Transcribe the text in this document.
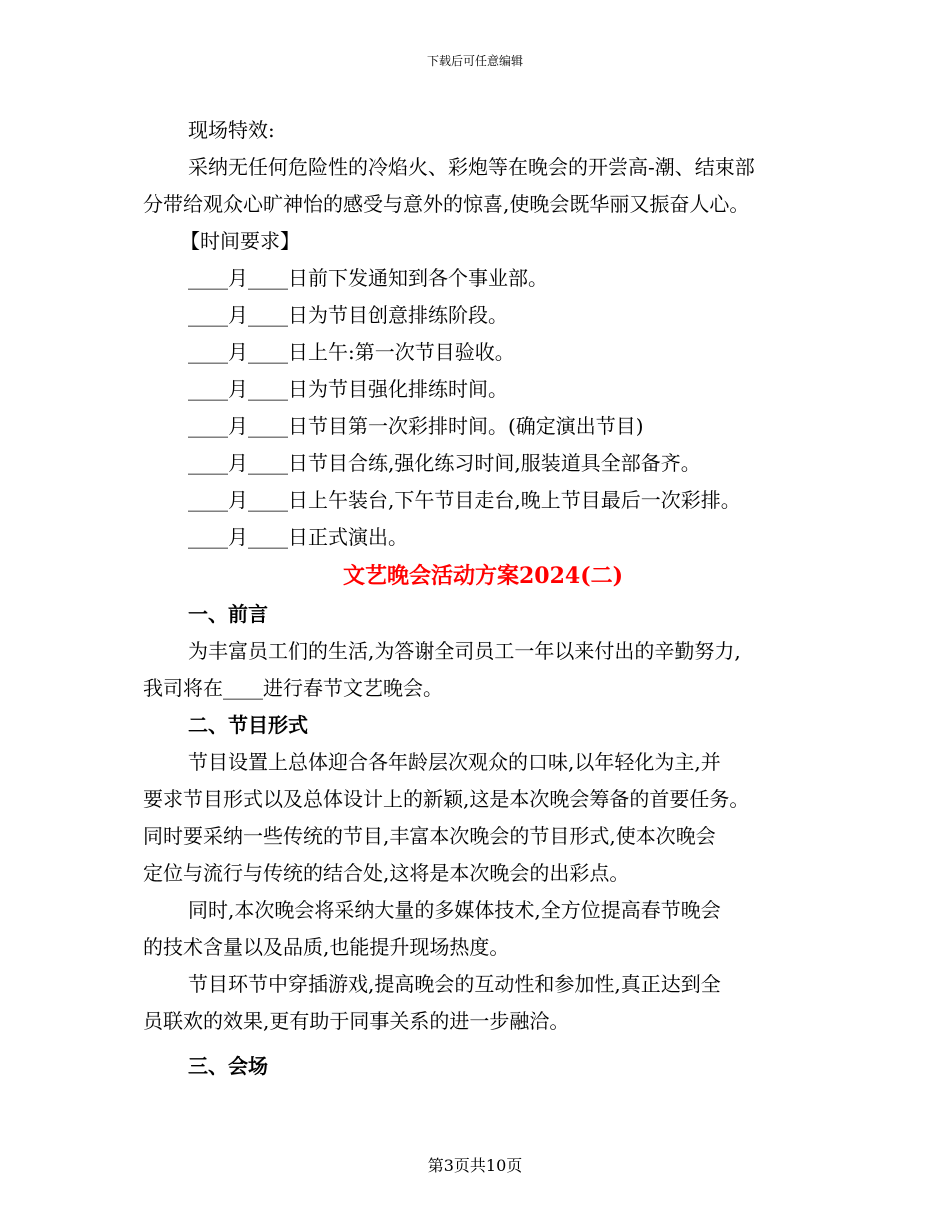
下载后可任意编辑
现场特效:
采纳无任何危险性的冷焰火、彩炮等在晚会的开尝高-潮、结束部
分带给观众心旷神怡的感受与意外的惊喜,使晚会既华丽又振奋人心。
【时间要求】
____月____日前下发通知到各个事业部。
____月____日为节目创意排练阶段。
____月____日上午:第一次节目验收。
____月____日为节目强化排练时间。
____月____日节目第一次彩排时间。(确定演出节目)
____月____日节目合练,强化练习时间,服装道具全部备齐。
____月____日上午装台,下午节目走台,晚上节目最后一次彩排。
____月____日正式演出。
文艺晚会活动方案2024(二)
一、前言
为丰富员工们的生活,为答谢全司员工一年以来付出的辛勤努力,
我司将在____进行春节文艺晚会。
二、节目形式
节目设置上总体迎合各年龄层次观众的口味,以年轻化为主,并
要求节目形式以及总体设计上的新颖,这是本次晚会筹备的首要任务。
同时要采纳一些传统的节目,丰富本次晚会的节目形式,使本次晚会
定位与流行与传统的结合处,这将是本次晚会的出彩点。
同时,本次晚会将采纳大量的多媒体技术,全方位提高春节晚会
的技术含量以及品质,也能提升现场热度。
节目环节中穿插游戏,提高晚会的互动性和参加性,真正达到全
员联欢的效果,更有助于同事关系的进一步融洽。
三、会场
第3页共10页
